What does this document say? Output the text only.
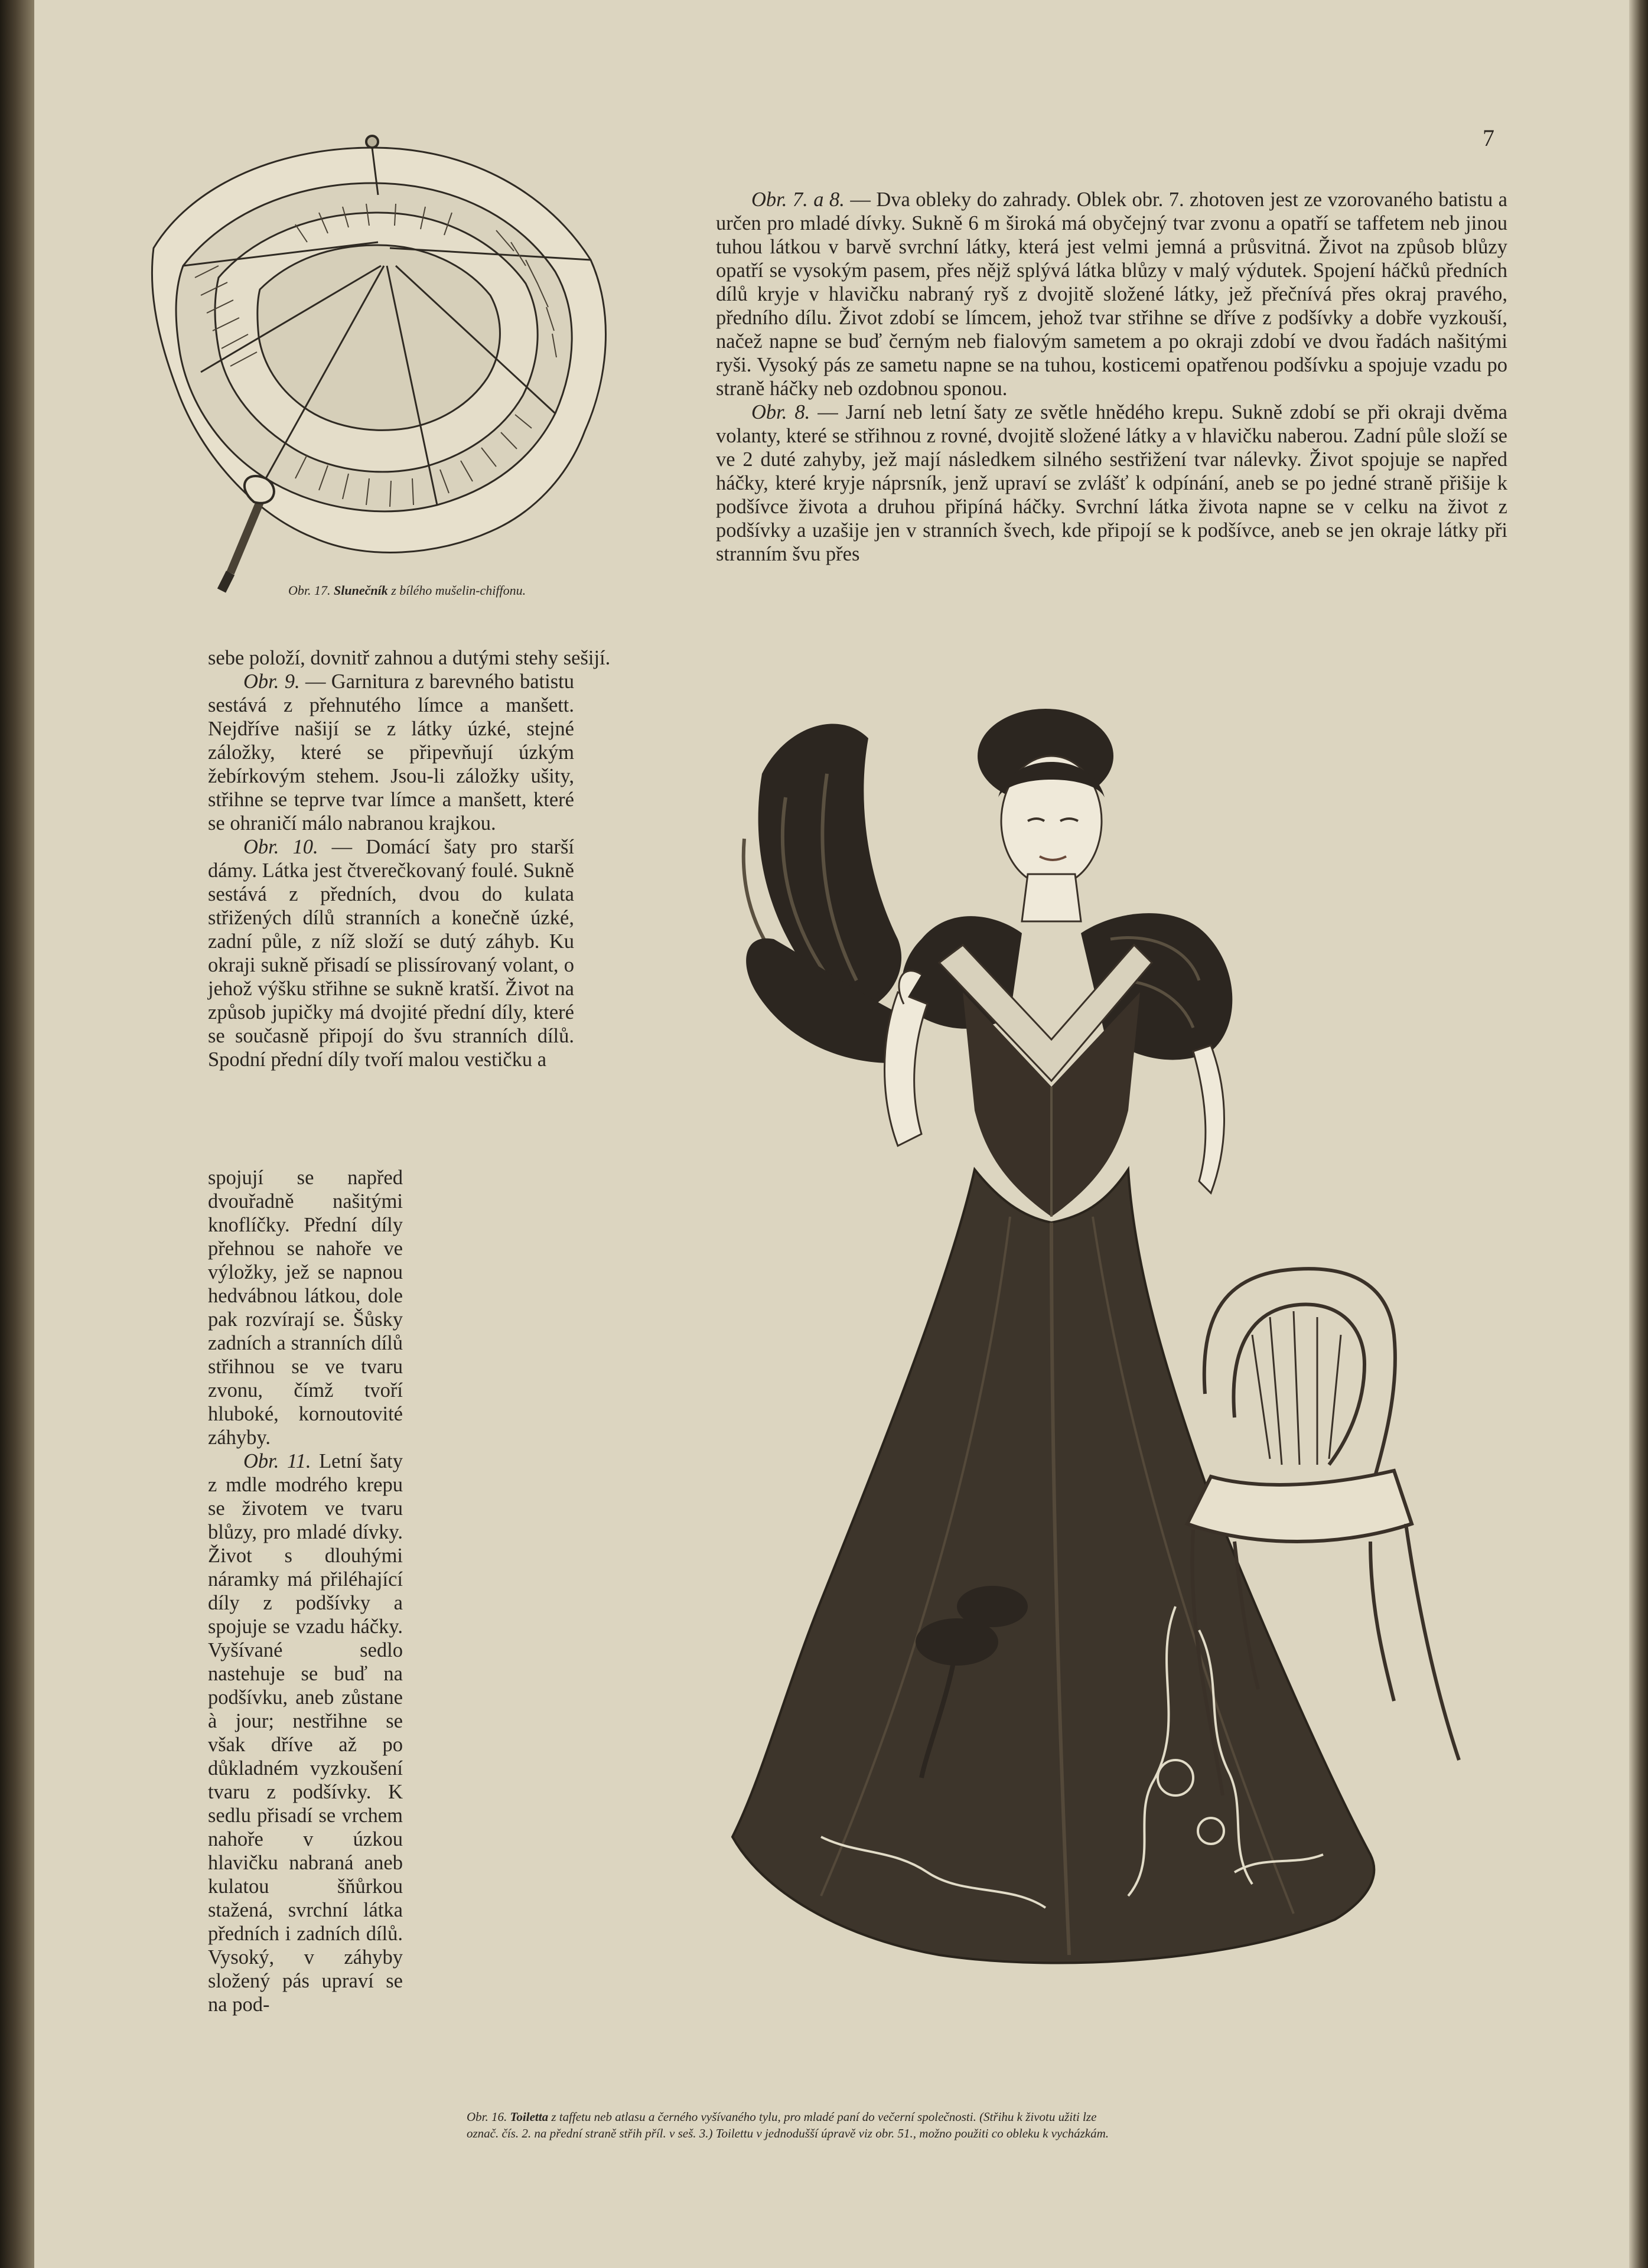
7
Obr. 17. Slunečník z bílého mušelin-chiffonu.

Obr. 7. a 8. — Dva obleky do zahrady. Oblek obr. 7. zhotoven jest ze vzorovaného batistu a určen pro mladé dívky. Sukně 6 m široká má obyčejný tvar zvonu a opatří se taffetem neb jinou tuhou látkou v barvě svrchní látky, která jest velmi jemná a průsvitná. Život na způsob blůzy opatří se vysokým pasem, přes nějž splývá látka blůzy v malý výdutek. Spojení háčků předních dílů kryje v hlavičku nabraný ryš z dvojitě složené látky, jež přečnívá přes okraj pravého, předního dílu. Život zdobí se límcem, jehož tvar střihne se dříve z podšívky a dobře vyzkouší, načež napne se buď černým neb fialovým sametem a po okraji zdobí ve dvou řadách našitými ryši. Vysoký pás ze sametu napne se na tuhou, kosticemi opatřenou podšívku a spojuje vzadu po straně háčky neb ozdobnou sponou.

Obr. 8. — Jarní neb letní šaty ze světle hnědého krepu. Sukně zdobí se při okraji dvěma volanty, které se střihnou z rovné, dvojitě složené látky a v hlavičku naberou. Zadní půle složí se ve 2 duté zahyby, jež mají následkem silného sestřižení tvar nálevky. Život spojuje se napřed háčky, které kryje náprsník, jenž upraví se zvlášť k odpínání, aneb se po jedné straně přišije k podšívce života a druhou připíná háčky. Svrchní látka života napne se v celku na život z podšívky a uzašije jen v stranních švech, kde připojí se k podšívce, aneb se jen okraje látky při stranním švu přes

sebe položí, dovnitř zahnou a dutými stehy sešijí.

Obr. 9. — Garnitura z barevného batistu sestává z přehnutého límce a manšett. Nejdříve našijí se z látky úzké, stejné záložky, které se připevňují úzkým žebírkovým stehem. Jsou-li záložky ušity, střihne se teprve tvar límce a manšett, které se ohraničí málo nabranou krajkou.

Obr. 10. — Domácí šaty pro starší dámy. Látka jest čtverečkovaný foulé. Sukně sestává z předních, dvou do kulata střižených dílů stranních a konečně úzké, zadní půle, z níž složí se dutý záhyb. Ku okraji sukně přisadí se plissírovaný volant, o jehož výšku střihne se sukně kratší. Život na způsob jupičky má dvojité přední díly, které se současně připojí do švu stranních dílů. Spodní přední díly tvoří malou vestičku a

spojují se napřed dvouřadně našitými knoflíčky. Přední díly přehnou se nahoře ve výložky, jež se napnou hedvábnou látkou, dole pak rozvírají se. Šůsky zadních a stranních dílů střihnou se ve tvaru zvonu, čímž tvoří hluboké, kornoutovité záhyby.

Obr. 11. Letní šaty z mdle modrého krepu se životem ve tvaru blůzy, pro mladé dívky. Život s dlouhými náramky má přiléhající díly z podšívky a spojuje se vzadu háčky. Vyšívané sedlo nastehuje se buď na podšívku, aneb zůstane à jour; nestřihne se však dříve až po důkladném vyzkoušení tvaru z podšívky. K sedlu přisadí se vrchem nahoře v úzkou hlavičku nabraná aneb kulatou šňůrkou stažená, svrchní látka předních i zadních dílů. Vysoký, v záhyby složený pás upraví se na pod-

Obr. 16. Toiletta z taffetu neb atlasu a černého vyšívaného tylu, pro mladé paní do večerní společnosti. (Střihu k životu užiti lze
označ. čís. 2. na přední straně střih příl. v seš. 3.) Toilettu v jednodušší úpravě viz obr. 51., možno použiti co obleku k vycházkám.
